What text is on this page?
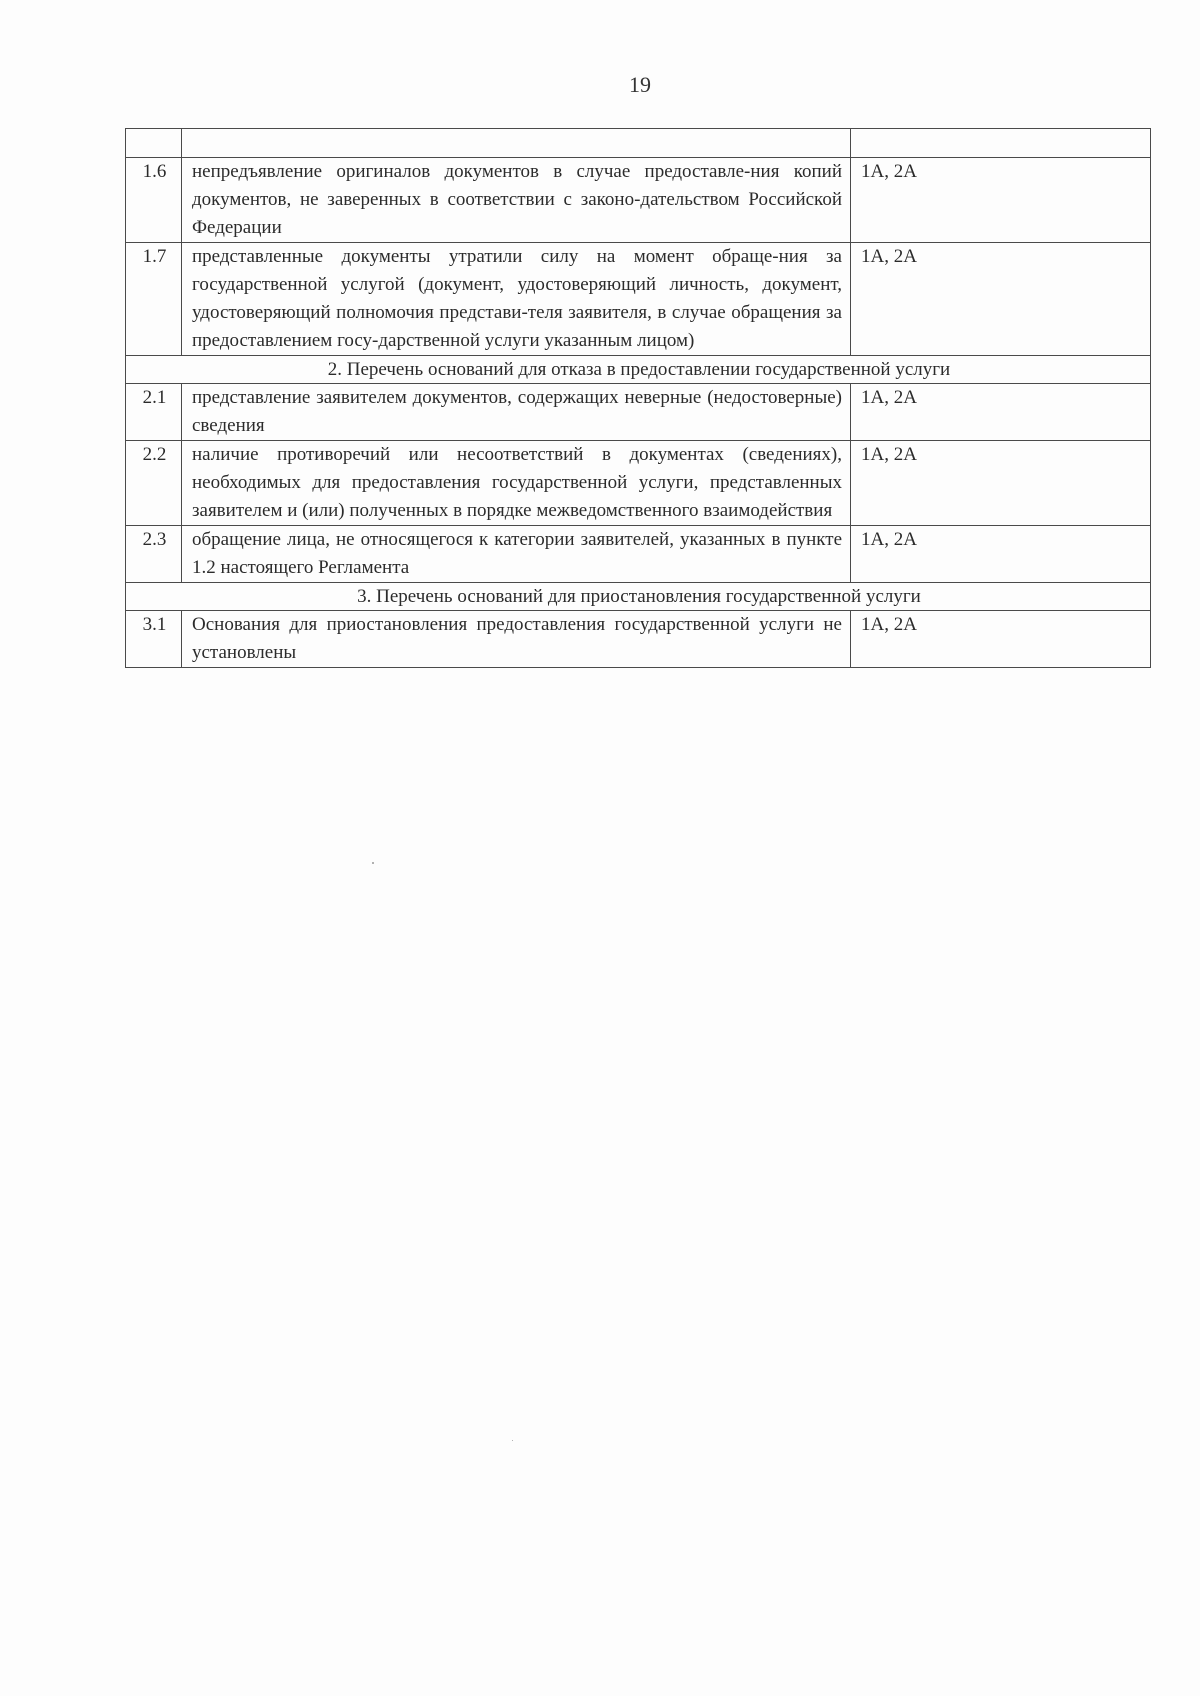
19

1.6	непредъявление оригиналов документов в случае предоставле-ния копий документов, не заверенных в соответствии с законо-дательством Российской Федерации	1А, 2А
1.7	представленные документы утратили силу на момент обраще-ния за государственной услугой (документ, удостоверяющий личность, документ, удостоверяющий полномочия представи-теля заявителя, в случае обращения за предоставлением госу-дарственной услуги указанным лицом)	1А, 2А
2. Перечень оснований для отказа в предоставлении государственной услуги		
2.1	представление заявителем документов, содержащих неверные (недостоверные) сведения	1А, 2А
2.2	наличие противоречий или несоответствий в документах (сведениях), необходимых для предоставления государственной услуги, представленных заявителем и (или) полученных в порядке межведомственного взаимодействия	1А, 2А
2.3	обращение лица, не относящегося к категории заявителей, указанных в пункте 1.2 настоящего Регламента	1А, 2А
3. Перечень оснований для приостановления государственной услуги		
3.1	Основания для приостановления предоставления государственной услуги не установлены	1А, 2А
